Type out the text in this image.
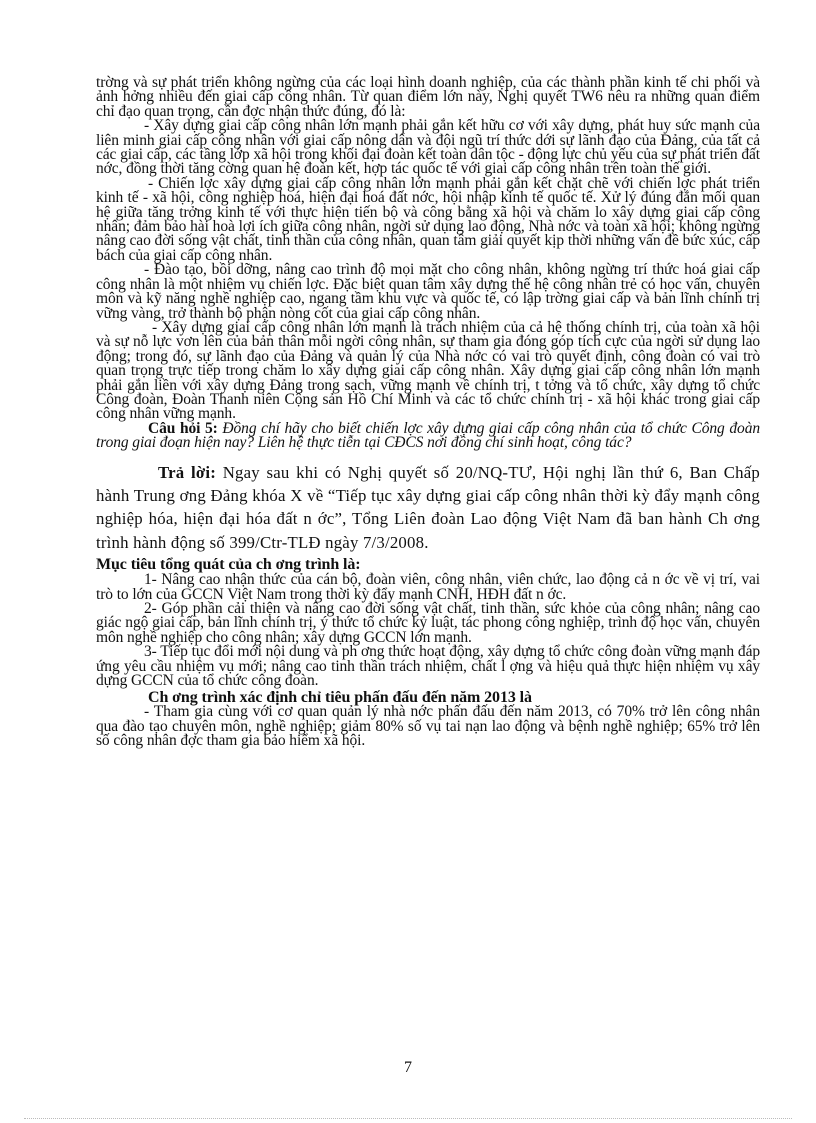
trờng và sự phát triển không ngừng của các loại hình doanh nghiệp, của các thành phần kinh tế chi phối và ảnh hởng nhiều đến giai cấp công nhân. Từ quan điểm lớn này, Nghị quyết TW6 nêu ra những quan điểm chỉ đạo quan trọng, cần đợc nhận thức đúng, đó là:

- Xây dựng giai cấp công nhân lớn mạnh phải gắn kết hữu cơ với xây dựng, phát huy sức mạnh của liên minh giai cấp công nhân với giai cấp nông dân và đội ngũ trí thức dới sự lãnh đạo của Đảng, của tất cả các giai cấp, các tầng lớp xã hội trong khối đại đoàn kết toàn dân tộc - động lực chủ yếu của sự phát triển đất nớc, đồng thời tăng cờng quan hệ đoàn kết, hợp tác quốc tế với giai cấp công nhân trên toàn thế giới.

- Chiến lợc xây dựng giai cấp công nhân lớn mạnh phải gắn kết chặt chẽ với chiến lợc phát triển kinh tế - xã hội, công nghiệp hoá, hiện đại hoá đất nớc, hội nhập kinh tế quốc tế. Xử lý đúng đắn mối quan hệ giữa tăng trởng kinh tế với thực hiện tiến bộ và công bằng xã hội và chăm lo xây dựng giai cấp công nhân; đảm bảo hài hoà lợi ích giữa công nhân, ngời sử dụng lao động, Nhà nớc và toàn xã hội; không ngừng nâng cao đời sống vật chất, tinh thần của công nhân, quan tâm giải quyết kịp thời những vấn đề bức xúc, cấp bách của giai cấp công nhân.

- Đào tạo, bồi dỡng, nâng cao trình độ mọi mặt cho công nhân, không ngừng trí thức hoá giai cấp công nhân là một nhiệm vụ chiến lợc. Đặc biệt quan tâm xây dựng thế hệ công nhân trẻ có học vấn, chuyên môn và kỹ năng nghề nghiệp cao, ngang tầm khu vực và quốc tế, có lập trờng giai cấp và bản lĩnh chính trị vững vàng, trở thành bộ phận nòng cốt của giai cấp công nhân.

- Xây dựng giai cấp công nhân lớn mạnh là trách nhiệm của cả hệ thống chính trị, của toàn xã hội và sự nỗ lực vơn lên của bản thân mỗi ngời công nhân, sự tham gia đóng góp tích cực của ngời sử dụng lao động; trong đó, sự lãnh đạo của Đảng và quản lý của Nhà nớc có vai trò quyết định, công đoàn có vai trò quan trọng trực tiếp trong chăm lo xây dựng giai cấp công nhân. Xây dựng giai cấp công nhân lớn mạnh phải gắn liền với xây dựng Đảng trong sạch, vững mạnh về chính trị, t tởng và tổ chức, xây dựng tổ chức Công đoàn, Đoàn Thanh niên Cộng sản Hồ Chí Minh và các tổ chức chính trị - xã hội khác trong giai cấp công nhân vững mạnh.

Câu hỏi 5: Đồng chí hãy cho biết chiến lợc xây dựng giai cấp công nhân của tổ chức Công đoàn trong giai đoạn hiện nay? Liên hệ thực tiễn tại CĐCS nơi đồng chí sinh hoạt, công tác?

Trả lời: Ngay sau khi có Nghị quyết số 20/NQ-TƯ, Hội nghị lần thứ 6, Ban Chấp hành Trung ơng Đảng khóa X về “Tiếp tục xây dựng giai cấp công nhân thời kỳ đẩy mạnh công nghiệp hóa, hiện đại hóa đất n ớc”, Tổng Liên đoàn Lao động Việt Nam đã ban hành Ch ơng trình hành động số 399/Ctr-TLĐ ngày 7/3/2008.

Mục tiêu tổng quát của ch ơng trình là:

1- Nâng cao nhận thức của cán bộ, đoàn viên, công nhân, viên chức, lao động cả n ớc về vị trí, vai trò to lớn của GCCN Việt Nam trong thời kỳ đẩy mạnh CNH, HĐH đất n ớc.

2- Góp phần cải thiện và nâng cao đời sống vật chất, tinh thần, sức khỏe của công nhân; nâng cao giác ngộ giai cấp, bản lĩnh chính trị, ý thức tổ chức kỷ luật, tác phong công nghiệp, trình độ học vấn, chuyên môn nghề nghiệp cho công nhân; xây dựng GCCN lớn mạnh.

3- Tiếp tục đổi mới nội dung và ph ơng thức hoạt động, xây dựng tổ chức công đoàn vững mạnh đáp ứng yêu cầu nhiệm vụ mới; nâng cao tinh thần trách nhiệm, chất l ợng và hiệu quả thực hiện nhiệm vụ xây dựng GCCN của tổ chức công đoàn.

Ch ơng trình xác định chỉ tiêu phấn đấu đến năm 2013 là

- Tham gia cùng với cơ quan quản lý nhà nớc phấn đấu đến năm 2013, có 70% trở lên công nhân qua đào tạo chuyên môn, nghề nghiệp; giảm 80% số vụ tai nạn lao động và bệnh nghề nghiệp; 65% trở lên số công nhân đợc tham gia bảo hiểm xã hội.

7
